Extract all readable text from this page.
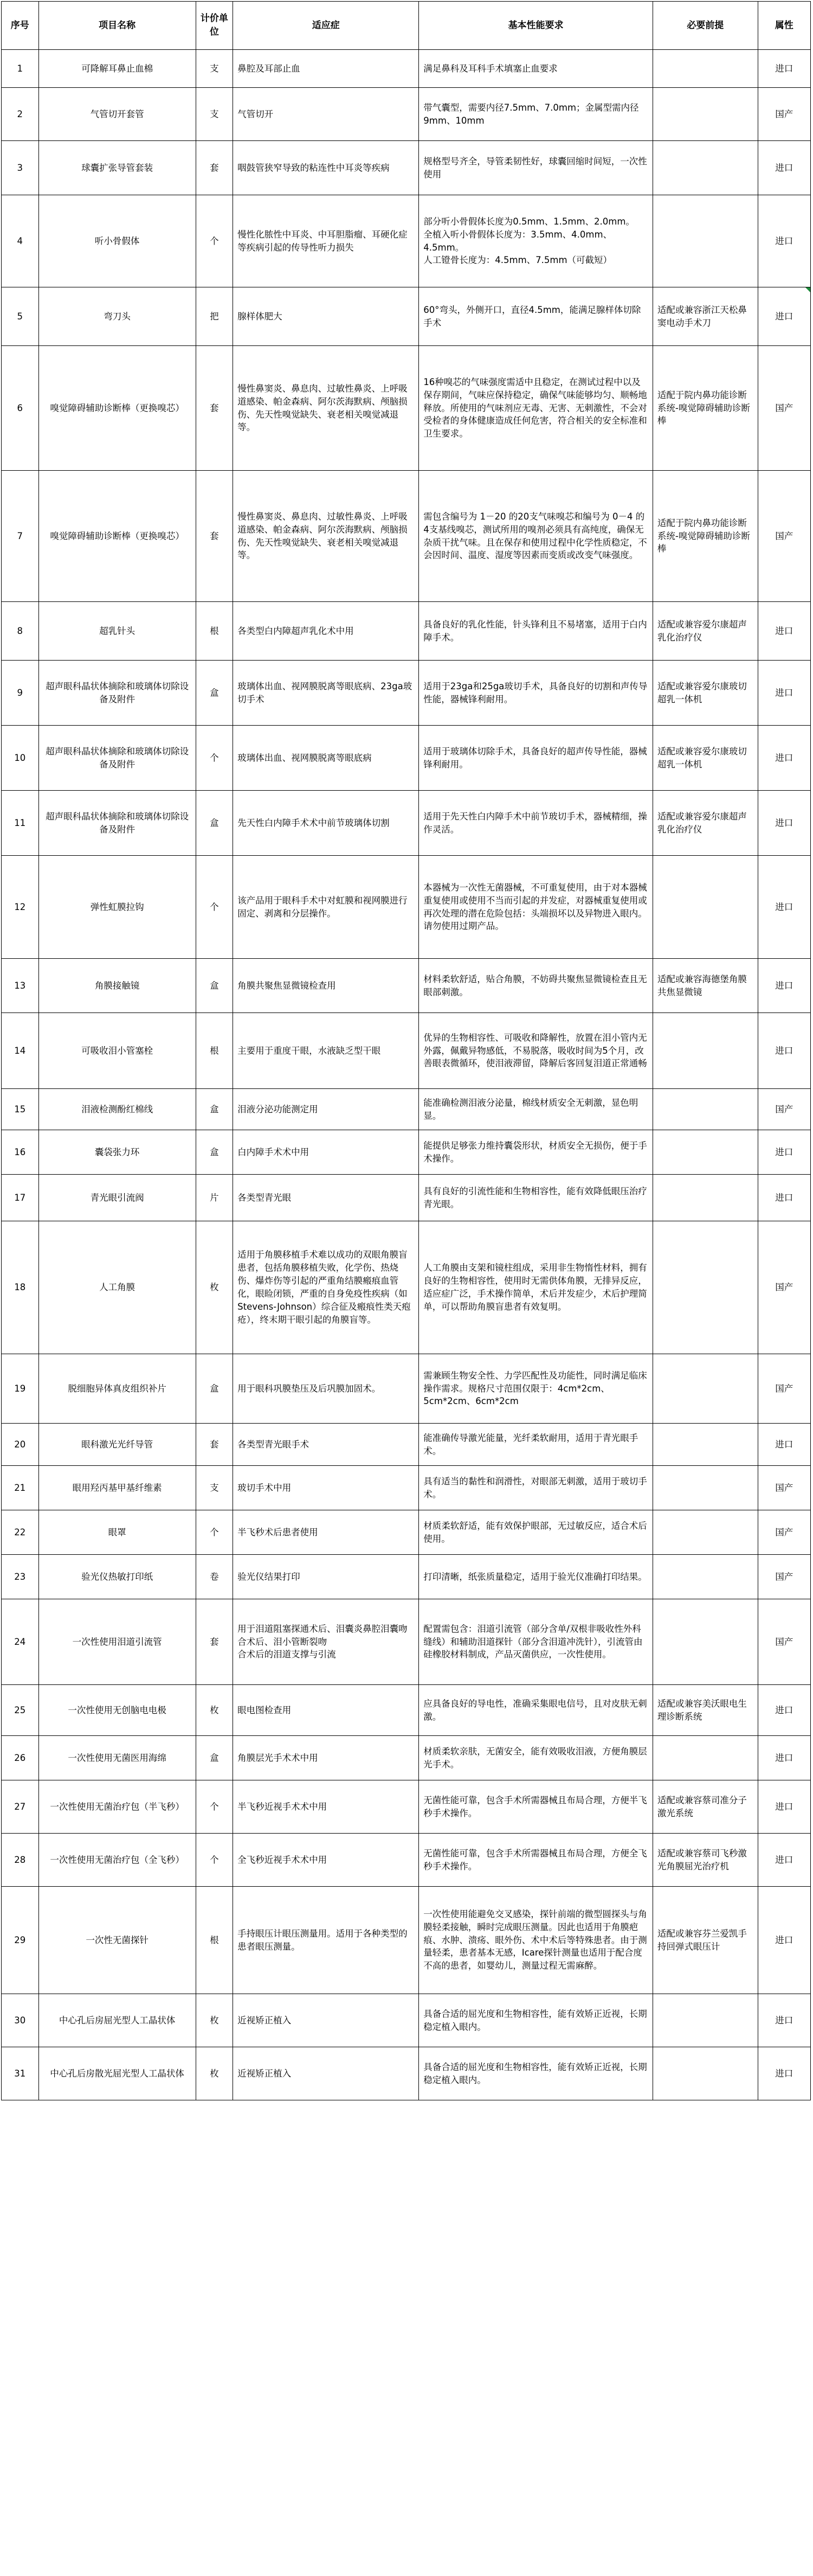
序号	项目名称	计价单位	适应症	基本性能要求	必要前提	属性
1	可降解耳鼻止血棉	支	鼻腔及耳部止血	满足鼻科及耳科手术填塞止血要求		进口
2	气管切开套管	支	气管切开	带气囊型，需要内径7.5mm、7.0mm；金属型需内径9mm、10mm		国产
3	球囊扩张导管套装	套	咽鼓管狭窄导致的粘连性中耳炎等疾病	规格型号齐全，导管柔韧性好，球囊回缩时间短，一次性使用		进口
4	听小骨假体	个	慢性化脓性中耳炎、中耳胆脂瘤、耳硬化症等疾病引起的传导性听力损失	部分听小骨假体长度为0.5mm、1.5mm、2.0mm。
全植入听小骨假体长度为：3.5mm、4.0mm、4.5mm。
人工镫骨长度为：4.5mm、7.5mm（可截短）		进口
5	弯刀头	把	腺样体肥大	60°弯头，外侧开口，直径4.5mm，能满足腺样体切除手术	适配或兼容浙江天松鼻窦电动手术刀	进口
6	嗅觉障碍辅助诊断棒（更换嗅芯）	套	慢性鼻窦炎、鼻息肉、过敏性鼻炎、上呼吸道感染、帕金森病、阿尔茨海默病、颅脑损伤、先天性嗅觉缺失、衰老相关嗅觉减退等。	16种嗅芯的气味强度需适中且稳定，在测试过程中以及保存期间，气味应保持稳定，确保气味能够均匀、顺畅地释放。所使用的气味剂应无毒、无害、无刺激性，不会对受检者的身体健康造成任何危害，符合相关的安全标准和卫生要求。	适配于院内鼻功能诊断系统-嗅觉障碍辅助诊断棒	国产
7	嗅觉障碍辅助诊断棒（更换嗅芯）	套	慢性鼻窦炎、鼻息肉、过敏性鼻炎、上呼吸道感染、帕金森病、阿尔茨海默病、颅脑损伤、先天性嗅觉缺失、衰老相关嗅觉减退等。	需包含编号为 1－20 的20支气味嗅芯和编号为 0－4 的4支基线嗅芯，测试所用的嗅剂必须具有高纯度，确保无杂质干扰气味。且在保存和使用过程中化学性质稳定，不会因时间、温度、湿度等因素而变质或改变气味强度。	适配于院内鼻功能诊断系统-嗅觉障碍辅助诊断棒	国产
8	超乳针头	根	各类型白内障超声乳化术中用	具备良好的乳化性能，针头锋利且不易堵塞，适用于白内障手术。	适配或兼容爱尔康超声乳化治疗仪	进口
9	超声眼科晶状体摘除和玻璃体切除设备及附件	盒	玻璃体出血、视网膜脱离等眼底病、23ga玻切手术	适用于23ga和25ga玻切手术，具备良好的切割和声传导性能，器械锋利耐用。	适配或兼容爱尔康玻切超乳一体机	进口
10	超声眼科晶状体摘除和玻璃体切除设备及附件	个	玻璃体出血、视网膜脱离等眼底病	适用于玻璃体切除手术，具备良好的超声传导性能，器械锋利耐用。	适配或兼容爱尔康玻切超乳一体机	进口
11	超声眼科晶状体摘除和玻璃体切除设备及附件	盒	先天性白内障手术术中前节玻璃体切割	适用于先天性白内障手术中前节玻切手术，器械精细，操作灵活。	适配或兼容爱尔康超声乳化治疗仪	进口
12	弹性虹膜拉钩	个	该产品用于眼科手术中对虹膜和视网膜进行固定、剥离和分层操作。	本器械为一次性无菌器械，不可重复使用，由于对本器械重复使用或使用不当而引起的并发症，对器械重复使用或再次处理的潜在危险包括：头端损坏以及异物进入眼内。
请勿使用过期产品。		进口
13	角膜接触镜	盒	角膜共聚焦显微镜检查用	材料柔软舒适，贴合角膜，不妨碍共聚焦显微镜检查且无眼部刺激。	适配或兼容海德堡角膜共焦显微镜	进口
14	可吸收泪小管塞栓	根	主要用于重度干眼，水液缺乏型干眼	优异的生物相容性、可吸收和降解性，放置在泪小管内无外露，佩戴异物感低，不易脱落，吸收时间为5个月，改善眼表微循环，使泪液滞留，降解后客回复泪道正常通畅		进口
15	泪液检测酚红棉线	盒	泪液分泌功能测定用	能准确检测泪液分泌量，棉线材质安全无刺激，显色明显。		国产
16	囊袋张力环	盒	白内障手术术中用	能提供足够张力维持囊袋形状，材质安全无损伤，便于手术操作。		进口
17	青光眼引流阀	片	各类型青光眼	具有良好的引流性能和生物相容性，能有效降低眼压治疗青光眼。		进口
18	人工角膜	枚	适用于角膜移植手术难以成功的双眼角膜盲患者，包括角膜移植失败，化学伤、热烧伤、爆炸伤等引起的严重角结膜瘢痕血管化，眼睑闭锁，严重的自身免疫性疾病（如Stevens-Johnson）综合征及瘢痕性类天疱疮），终末期干眼引起的角膜盲等。	人工角膜由支架和镜柱组成，采用非生物惰性材料，拥有良好的生物相容性，使用时无需供体角膜，无排异反应，适应症广泛，手术操作简单，术后并发症少，术后护理简单，可以帮助角膜盲患者有效复明。		国产
19	脱细胞异体真皮组织补片	盒	用于眼科巩膜垫压及后巩膜加固术。	需兼顾生物安全性、力学匹配性及功能性，同时满足临床操作需求。规格尺寸范围仅限于：4cm*2cm、5cm*2cm、6cm*2cm		国产
20	眼科激光光纤导管	套	各类型青光眼手术	能准确传导激光能量，光纤柔软耐用，适用于青光眼手术。		进口
21	眼用羟丙基甲基纤维素	支	玻切手术中用	具有适当的黏性和润滑性，对眼部无刺激，适用于玻切手术。		国产
22	眼罩	个	半飞秒术后患者使用	材质柔软舒适，能有效保护眼部，无过敏反应，适合术后使用。		国产
23	验光仪热敏打印纸	卷	验光仪结果打印	打印清晰，纸张质量稳定，适用于验光仪准确打印结果。		国产
24	一次性使用泪道引流管	套	用于泪道阻塞探通术后、泪囊炎鼻腔泪囊吻合术后、泪小管断裂吻
合术后的泪道支撑与引流	配置需包含：泪道引流管（部分含单/双根非吸收性外科缝线）和辅助泪道探针（部分含泪道冲洗针），引流管由硅橡胶材料制成，产品灭菌供应，一次性使用。		国产
25	一次性使用无创脑电电极	枚	眼电图检查用	应具备良好的导电性，准确采集眼电信号，且对皮肤无刺激。	适配或兼容美沃眼电生理诊断系统	进口
26	一次性使用无菌医用海绵	盒	角膜层光手术术中用	材质柔软亲肤，无菌安全，能有效吸收泪液，方便角膜层光手术。		进口
27	一次性使用无菌治疗包（半飞秒）	个	半飞秒近视手术术中用	无菌性能可靠，包含手术所需器械且布局合理，方便半飞秒手术操作。	适配或兼容蔡司准分子激光系统	进口
28	一次性使用无菌治疗包（全飞秒）	个	全飞秒近视手术术中用	无菌性能可靠，包含手术所需器械且布局合理，方便全飞秒手术操作。	适配或兼容蔡司飞秒激光角膜屈光治疗机	进口
29	一次性无菌探针	根	手持眼压计眼压测量用。适用于各种类型的患者眼压测量。	一次性使用能避免交叉感染，探针前端的微型圆探头与角膜轻柔接触，瞬时完成眼压测量。因此也适用于角膜疤痕、水肿、溃疡、眼外伤、术中术后等特殊患者。由于测量轻柔，患者基本无感，Icare探针测量也适用于配合度不高的患者，如婴幼儿，测量过程无需麻醉。	适配或兼容芬兰爱凯手持回弹式眼压计	进口
30	中心孔后房屈光型人工晶状体	枚	近视矫正植入	具备合适的屈光度和生物相容性，能有效矫正近视，长期稳定植入眼内。		进口
31	中心孔后房散光屈光型人工晶状体	枚	近视矫正植入	具备合适的屈光度和生物相容性，能有效矫正近视，长期稳定植入眼内。		进口
